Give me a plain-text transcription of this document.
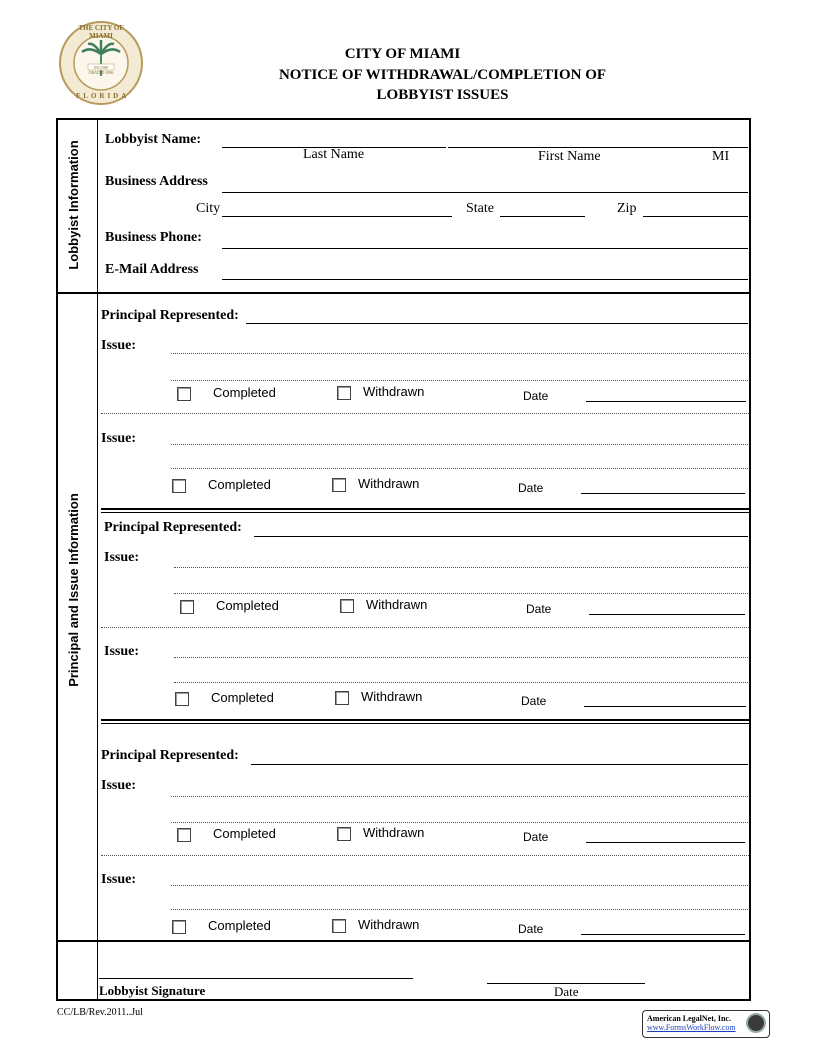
THE CITY OF MIAMI
INCORP ORATED 1896
FLORIDA
CITY OF MIAMI
NOTICE OF WITHDRAWAL/COMPLETION OF
LOBBYIST ISSUES
Lobbyist Information
Principal and Issue Information
Lobbyist Name:
Last Name	First Name	MI
Business Address
City	State	Zip
Business Phone:
E-Mail Address
Principal Represented:
Issue:
Completed	Withdrawn	Date
Issue:
Completed	Withdrawn	Date
Principal Represented:
Issue:
Completed	Withdrawn	Date
Issue:
Completed	Withdrawn	Date
Principal Represented:
Issue:
Completed	Withdrawn	Date
Issue:
Completed	Withdrawn	Date
Lobbyist Signature	Date
CC/LB/Rev.2011..Jul
American LegalNet, Inc.
www.FormsWorkFlow.com
